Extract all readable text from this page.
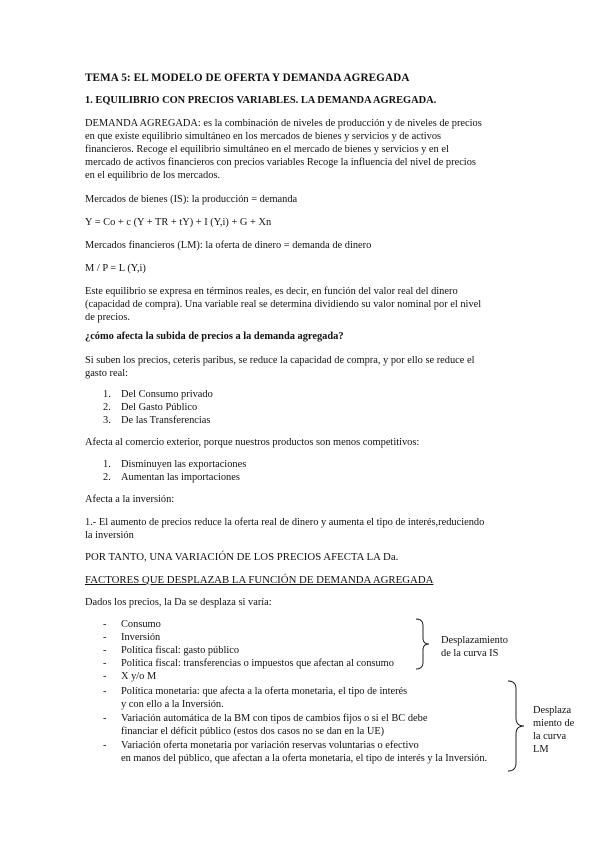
TEMA 5: EL MODELO DE OFERTA Y DEMANDA AGREGADA
1. EQUILIBRIO CON PRECIOS VARIABLES. LA DEMANDA AGREGADA.
DEMANDA AGREGADA: es la combinación de niveles de producción y de niveles de precios
en que existe equilibrio simultáneo en los mercados de bienes y servicios y de activos
financieros. Recoge el equilibrio simultáneo en el mercado de bienes y servicios y en el
mercado de activos financieros con precios variables Recoge la influencia del nivel de precios
en el equilibrio de los mercados.
Mercados de bienes (IS): la producción = demanda
Y = Co + c (Y + TR + tY) + I (Y,i) + G + Xn
Mercados financieros (LM): la oferta de dinero = demanda de dinero
M / P = L (Y,i)
Este equilibrio se expresa en términos reales, es decir, en función del valor real del dinero
(capacidad de compra). Una variable real se determina dividiendo su valor nominal por el nivel
de precios.
¿cómo afecta la subida de precios a la demanda agregada?
Si suben los precios, ceteris paribus, se reduce la capacidad de compra, y por ello se reduce el
gasto real:
1. Del Consumo privado
2. Del Gasto Público
3. De las Transferencias
Afecta al comercio exterior, porque nuestros productos son menos competitivos:
1. Disminuyen las exportaciones
2. Aumentan las importaciones
Afecta a la inversión:
1.- El aumento de precios reduce la oferta real de dinero y aumenta el tipo de interés,reduciendo
la inversión
POR TANTO, UNA VARIACIÓN DE LOS PRECIOS AFECTA LA Da.
FACTORES QUE DESPLAZAB LA FUNCIÓN DE DEMANDA AGREGADA
Dados los precios, la Da se desplaza si varía:
- Consumo
- Inversión
- Política fiscal: gasto público
- Política fiscal: transferencias o impuestos que afectan al consumo
- X y/o M
- Política monetaria: que afecta a la oferta monetaria, el tipo de interés
y con ello a la Inversión.
- Variación automática de la BM con tipos de cambios fijos o si el BC debe
financiar el déficit público (estos dos casos no se dan en la UE)
- Variación oferta monetaria por variación reservas voluntarias o efectivo
en manos del público, que afectan a la oferta monetaria, el tipo de interés y la Inversión.
Desplazamiento
de la curva IS
Desplaza
miento de
la curva
LM
